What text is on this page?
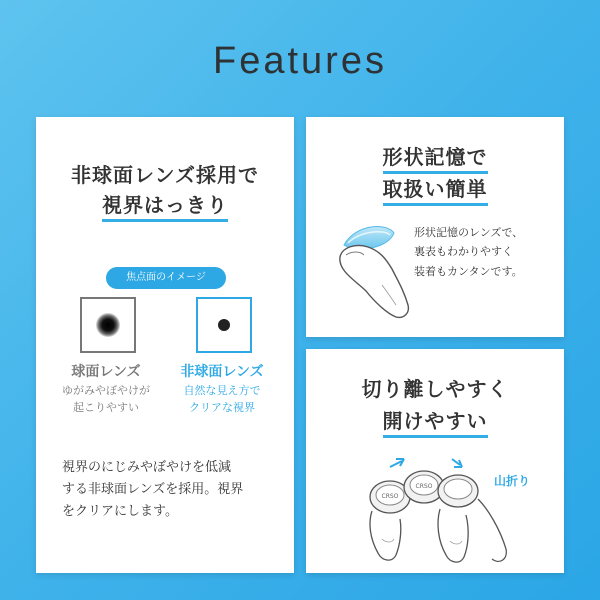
Features
非球面レンズ採用で
視界はっきり
焦点面のイメージ
球面レンズ
ゆがみやぼやけが
起こりやすい
非球面レンズ
自然な見え方で
クリアな視界
視界のにじみやぼやけを低減
する非球面レンズを採用。視界
をクリアにします。
形状記憶で
取扱い簡単
形状記憶のレンズで、
裏表もわかりやすく
装着もカンタンです。
切り離しやすく
開けやすい
CRSO
CRSO	山折り
